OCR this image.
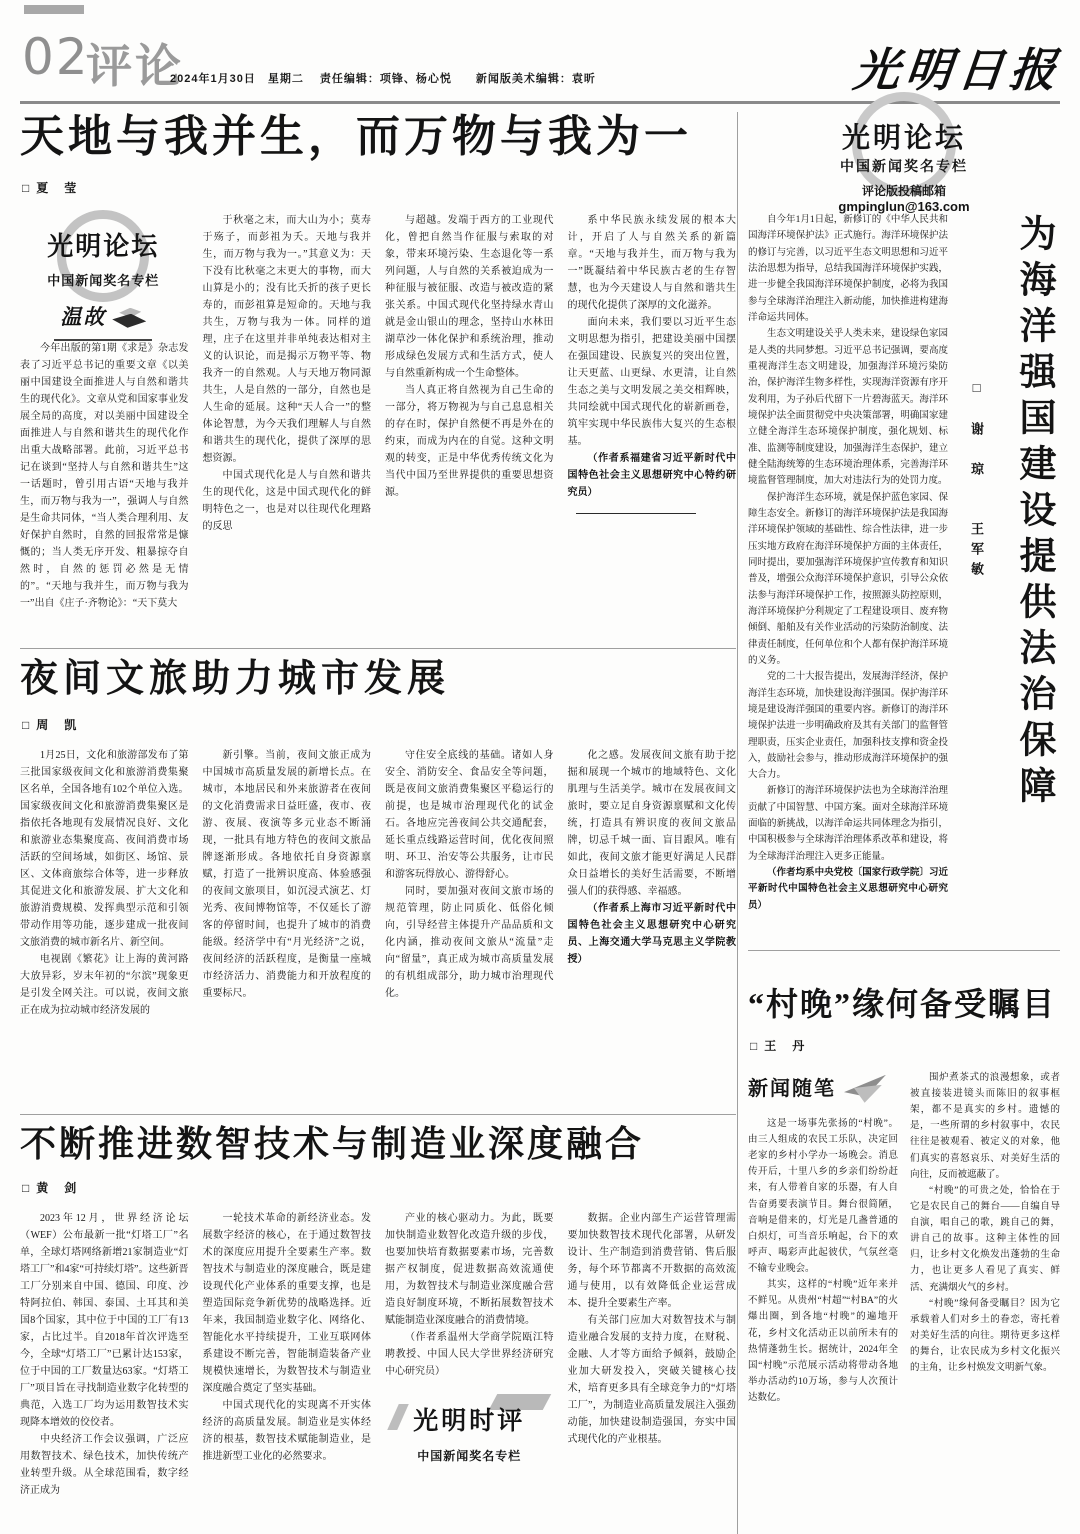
02
评论
2024年1月30日　星期二　 责任编辑：项锋、杨心悦　　新闻版美术编辑：袁昕	光明日报
天地与我并生，而万物与我为一
□ 夏　莹
光明论坛
中国新闻奖名专栏
温故

今年出版的第1期《求是》杂志发表了习近平总书记的重要文章《以美丽中国建设全面推进人与自然和谐共生的现代化》。文章从党和国家事业发展全局的高度，对以美丽中国建设全面推进人与自然和谐共生的现代化作出重大战略部署。此前，习近平总书记在谈到“坚持人与自然和谐共生”这一话题时，曾引用古语“天地与我并生，而万物与我为一”，强调人与自然是生命共同体，“当人类合理利用、友好保护自然时，自然的回报常常是慷慨的；当人类无序开发、粗暴掠夺自然时，自然的惩罚必然是无情的”。“天地与我并生，而万物与我为一”出自《庄子·齐物论》：“天下莫大

于秋毫之末，而大山为小；莫寿于殇子，而彭祖为夭。天地与我并生，而万物与我为一。”其意义为：天下没有比秋毫之末更大的事物，而大山算是小的；没有比夭折的孩子更长寿的，而彭祖算是短命的。天地与我共生，万物与我为一体。同样的道理，庄子在这里并非单纯表达相对主义的认识论，而是揭示万物平等、物我齐一的自然观。人与天地万物同源共生，人是自然的一部分，自然也是人生命的延展。这种“天人合一”的整体论智慧，为今天我们理解人与自然和谐共生的现代化，提供了深厚的思想资源。

中国式现代化是人与自然和谐共生的现代化，这是中国式现代化的鲜明特色之一，也是对以往现代化理路的反思

与超越。发端于西方的工业现代化，曾把自然当作征服与索取的对象，带来环境污染、生态退化等一系列问题，人与自然的关系被迫成为一种征服与被征服、改造与被改造的紧张关系。中国式现代化坚持绿水青山就是金山银山的理念，坚持山水林田湖草沙一体化保护和系统治理，推动形成绿色发展方式和生活方式，使人与自然重新构成一个生命整体。

当人真正将自然视为自己生命的一部分，将万物视为与自己息息相关的存在时，保护自然便不再是外在的约束，而成为内在的自觉。这种文明观的转变，正是中华优秀传统文化为当代中国乃至世界提供的重要思想资源。

系中华民族永续发展的根本大计，开启了人与自然关系的新篇章。“天地与我并生，而万物与我为一”既凝结着中华民族古老的生存智慧，也为今天建设人与自然和谐共生的现代化提供了深厚的文化滋养。

面向未来，我们要以习近平生态文明思想为指引，把建设美丽中国摆在强国建设、民族复兴的突出位置，让天更蓝、山更绿、水更清，让自然生态之美与文明发展之美交相辉映，共同绘就中国式现代化的崭新画卷，筑牢实现中华民族伟大复兴的生态根基。

（作者系福建省习近平新时代中国特色社会主义思想研究中心特约研究员）

夜间文旅助力城市发展
□ 周　凯

1月25日，文化和旅游部发布了第三批国家级夜间文化和旅游消费集聚区名单，全国各地有102个单位入选。国家级夜间文化和旅游消费集聚区是指依托各地现有发展情况良好、文化和旅游业态集聚度高、夜间消费市场活跃的空间场域，如街区、场馆、景区、文体商旅综合体等，进一步释放其促进文化和旅游发展、扩大文化和旅游消费规模、发挥典型示范和引领带动作用等功能，逐步建成一批夜间文旅消费的城市新名片、新空间。

电视剧《繁花》让上海的黄河路大放异彩，岁末年初的“尔滨”现象更是引发全网关注。可以说，夜间文旅正在成为拉动城市经济发展的

新引擎。当前，夜间文旅正成为中国城市高质量发展的新增长点。在城市，本地居民和外来旅游者在夜间的文化消费需求日益旺盛，夜市、夜游、夜展、夜演等多元业态不断涌现，一批具有地方特色的夜间文旅品牌逐渐形成。各地依托自身资源禀赋，打造了一批辨识度高、体验感强的夜间文旅项目，如沉浸式演艺、灯光秀、夜间博物馆等，不仅延长了游客的停留时间，也提升了城市的消费能级。经济学中有“月光经济”之说，夜间经济的活跃程度，是衡量一座城市经济活力、消费能力和开放程度的重要标尺。

守住安全底线的基础。诸如人身安全、消防安全、食品安全等问题，既是夜间文旅消费集聚区平稳运行的前提，也是城市治理现代化的试金石。各地应完善夜间公共交通配套，延长重点线路运营时间，优化夜间照明、环卫、治安等公共服务，让市民和游客玩得放心、游得舒心。

同时，要加强对夜间文旅市场的规范管理，防止同质化、低俗化倾向，引导经营主体提升产品品质和文化内涵，推动夜间文旅从“流量”走向“留量”，真正成为城市高质量发展的有机组成部分，助力城市治理现代化。

化之感。发展夜间文旅有助于挖掘和展现一个城市的地域特色、文化肌理与生活美学。城市在发展夜间文旅时，要立足自身资源禀赋和文化传统，打造具有辨识度的夜间文旅品牌，切忌千城一面、盲目跟风。唯有如此，夜间文旅才能更好满足人民群众日益增长的美好生活需要，不断增强人们的获得感、幸福感。

（作者系上海市习近平新时代中国特色社会主义思想研究中心研究员、上海交通大学马克思主义学院教授）

不断推进数智技术与制造业深度融合
□ 黄　剑

2023年12月，世界经济论坛（WEF）公布最新一批“灯塔工厂”名单，全球灯塔网络新增21家制造业“灯塔工厂”和4家“可持续灯塔”。这些新晋工厂分别来自中国、德国、印度、沙特阿拉伯、韩国、泰国、土耳其和美国8个国家，其中位于中国的工厂有13家，占比过半。自2018年首次评选至今，全球“灯塔工厂”已累计达153家，位于中国的工厂数量达63家。“灯塔工厂”项目旨在寻找制造业数字化转型的典范，入选工厂均为运用数智技术实现降本增效的佼佼者。

中央经济工作会议强调，广泛应用数智技术、绿色技术，加快传统产业转型升级。从全球范围看，数字经济正成为

一轮技术革命的新经济业态。发展数字经济的核心，在于通过数智技术的深度应用提升全要素生产率。数智技术与制造业的深度融合，既是建设现代化产业体系的重要支撑，也是塑造国际竞争新优势的战略选择。近年来，我国制造业数字化、网络化、智能化水平持续提升，工业互联网体系建设不断完善，智能制造装备产业规模快速增长，为数智技术与制造业深度融合奠定了坚实基础。

中国式现代化的实现离不开实体经济的高质量发展。制造业是实体经济的根基，数智技术赋能制造业，是推进新型工业化的必然要求。

产业的核心驱动力。为此，既要加快制造业数智化改造升级的步伐，也要加快培育数据要素市场，完善数据产权制度，促进数据高效流通使用，为数智技术与制造业深度融合营造良好制度环境，不断拓展数智技术赋能制造业深度融合的消费情境。

（作者系温州大学商学院瓯江特聘教授、中国人民大学世界经济研究中心研究员）

光明时评
中国新闻奖名专栏

数据。企业内部生产运营管理需要加快数智技术现代化部署，从研发设计、生产制造到消费营销、售后服务，每个环节都离不开数据的高效流通与使用，以有效降低企业运营成本、提升全要素生产率。

有关部门应加大对数智技术与制造业融合发展的支持力度，在财税、金融、人才等方面给予倾斜，鼓励企业加大研发投入，突破关键核心技术，培育更多具有全球竞争力的“灯塔工厂”，为制造业高质量发展注入强劲动能，加快建设制造强国，夯实中国式现代化的产业根基。

光明论坛
中国新闻奖名专栏
评论版投稿邮箱
gmpinglun@163.com

自今年1月1日起，新修订的《中华人民共和国海洋环境保护法》正式施行。海洋环境保护法的修订与完善，以习近平生态文明思想和习近平法治思想为指导，总结我国海洋环境保护实践，进一步健全我国海洋环境保护制度，必将为我国参与全球海洋治理注入新动能，加快推进构建海洋命运共同体。

生态文明建设关乎人类未来，建设绿色家园是人类的共同梦想。习近平总书记强调，要高度重视海洋生态文明建设，加强海洋环境污染防治，保护海洋生物多样性，实现海洋资源有序开发利用，为子孙后代留下一片碧海蓝天。海洋环境保护法全面贯彻党中央决策部署，明确国家建立健全海洋生态环境保护制度，强化规划、标准、监测等制度建设，加强海洋生态保护，建立健全陆海统筹的生态环境治理体系，完善海洋环境监督管理制度，加大对违法行为的处罚力度。

保护海洋生态环境，就是保护蓝色家园、保障生态安全。新修订的海洋环境保护法是我国海洋环境保护领域的基础性、综合性法律，进一步压实地方政府在海洋环境保护方面的主体责任，同时提出，要加强海洋环境保护宣传教育和知识普及，增强公众海洋环境保护意识，引导公众依法参与海洋环境保护工作，按照源头防控原则，海洋环境保护分利规定了工程建设项目、废弃物倾倒、船舶及有关作业活动的污染防治制度、法律责任制度，任何单位和个人都有保护海洋环境的义务。

党的二十大报告提出，发展海洋经济，保护海洋生态环境，加快建设海洋强国。保护海洋环境是建设海洋强国的重要内容。新修订的海洋环境保护法进一步明确政府及其有关部门的监督管理职责，压实企业责任，加强科技支撑和资金投入，鼓励社会参与，推动形成海洋环境保护的强大合力。

新修订的海洋环境保护法也为全球海洋治理贡献了中国智慧、中国方案。面对全球海洋环境面临的新挑战，以海洋命运共同体理念为指引，中国积极参与全球海洋治理体系改革和建设，将为全球海洋治理注入更多正能量。

（作者均系中央党校〔国家行政学院〕习近平新时代中国特色社会主义思想研究中心研究员）

□　谢　琼　　王军敏 为海洋强国建设提供法治保障
“村晚”缘何备受瞩目
□ 王　丹
新闻随笔

这是一场事先张扬的“村晚”。由三人组成的农民工乐队，决定回老家的乡村小学办一场晚会。消息传开后，十里八乡的乡亲们纷纷赶来，有人带着自家的乐器，有人自告奋勇要表演节目。舞台很简陋，音响是借来的，灯光是几盏普通的白炽灯，可当音乐响起，台下的欢呼声、喝彩声此起彼伏，气氛丝毫不输专业晚会。

其实，这样的“村晚”近年来并不鲜见。从贵州“村超”“村BA”的火爆出圈，到各地“村晚”的遍地开花，乡村文化活动正以前所未有的热情蓬勃生长。据统计，2024年全国“村晚”示范展示活动将带动各地举办活动约10万场，参与人次预计达数亿。

围炉煮茶式的浪漫想象，或者被直接装进镜头而陈旧的叙事框架，都不是真实的乡村。遗憾的是，一些所谓的乡村叙事中，农民往往是被观看、被定义的对象，他们真实的喜怒哀乐、对美好生活的向往，反而被遮蔽了。

“村晚”的可贵之处，恰恰在于它是农民自己的舞台——自编自导自演，唱自己的歌，跳自己的舞，讲自己的故事。这种主体性的回归，让乡村文化焕发出蓬勃的生命力，也让更多人看见了真实、鲜活、充满烟火气的乡村。

“村晚”缘何备受瞩目？因为它承载着人们对乡土的眷恋，寄托着对美好生活的向往。期待更多这样的舞台，让农民成为乡村文化振兴的主角，让乡村焕发文明新气象。
